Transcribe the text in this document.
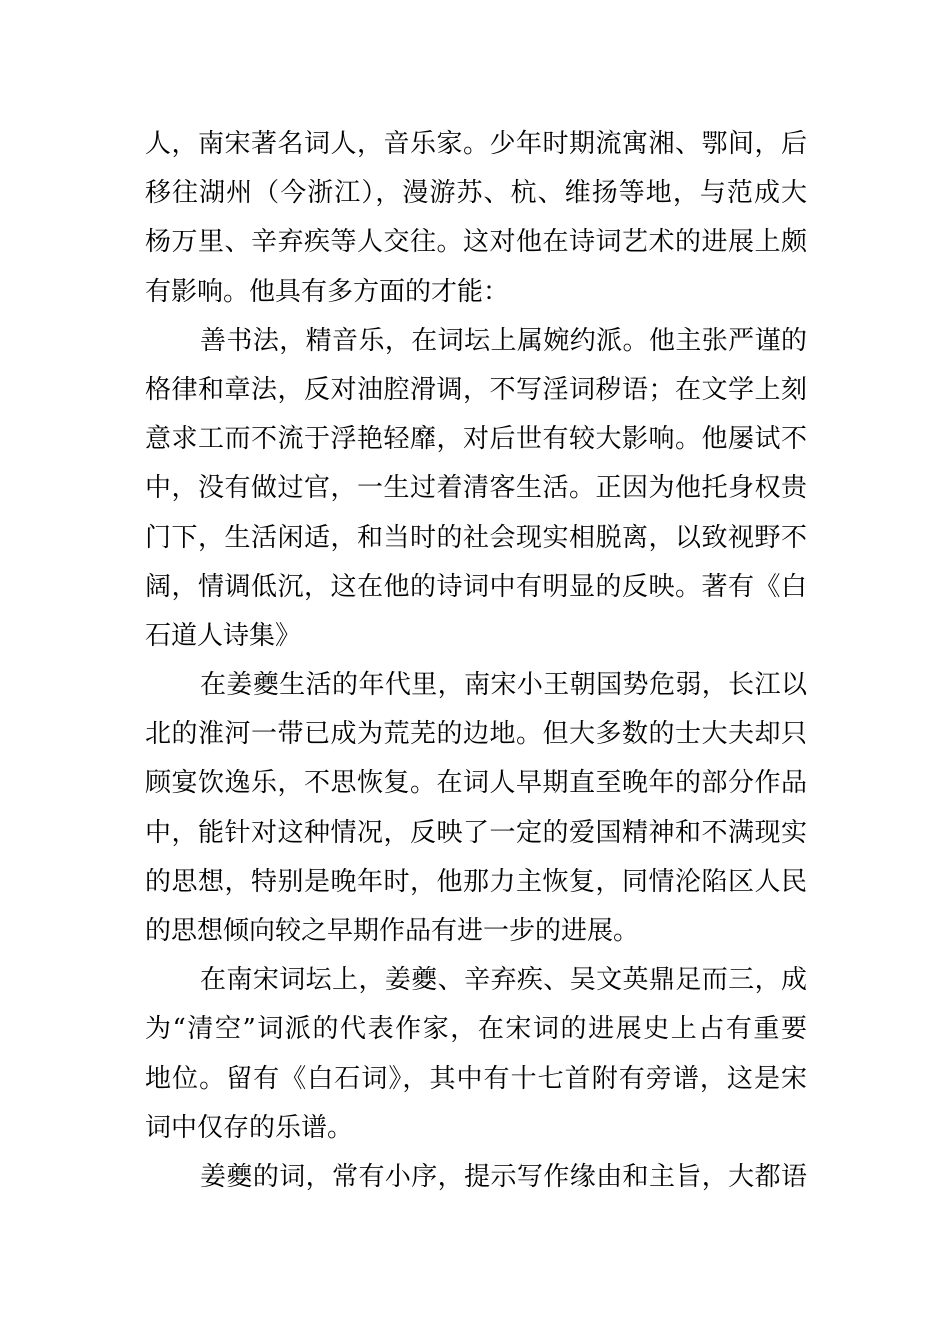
人，南宋著名词人，音乐家。少年时期流寓湘、鄂间，后
移往湖州（今浙江），漫游苏、杭、维扬等地，与范成大
杨万里、辛弃疾等人交往。这对他在诗词艺术的进展上颇
有影响。他具有多方面的才能：
善书法，精音乐，在词坛上属婉约派。他主张严谨的
格律和章法，反对油腔滑调，不写淫词秽语；在文学上刻
意求工而不流于浮艳轻靡，对后世有较大影响。他屡试不
中，没有做过官，一生过着清客生活。正因为他托身权贵
门下，生活闲适，和当时的社会现实相脱离，以致视野不
阔，情调低沉，这在他的诗词中有明显的反映。著有《白
石道人诗集》
在姜夔生活的年代里，南宋小王朝国势危弱，长江以
北的淮河一带已成为荒芜的边地。但大多数的士大夫却只
顾宴饮逸乐，不思恢复。在词人早期直至晚年的部分作品
中，能针对这种情况，反映了一定的爱国精神和不满现实
的思想，特别是晚年时，他那力主恢复，同情沦陷区人民
的思想倾向较之早期作品有进一步的进展。
在南宋词坛上，姜夔、辛弃疾、吴文英鼎足而三，成
为“清空”词派的代表作家，在宋词的进展史上占有重要
地位。留有《白石词》，其中有十七首附有旁谱，这是宋
词中仅存的乐谱。
姜夔的词，常有小序，提示写作缘由和主旨，大都语
